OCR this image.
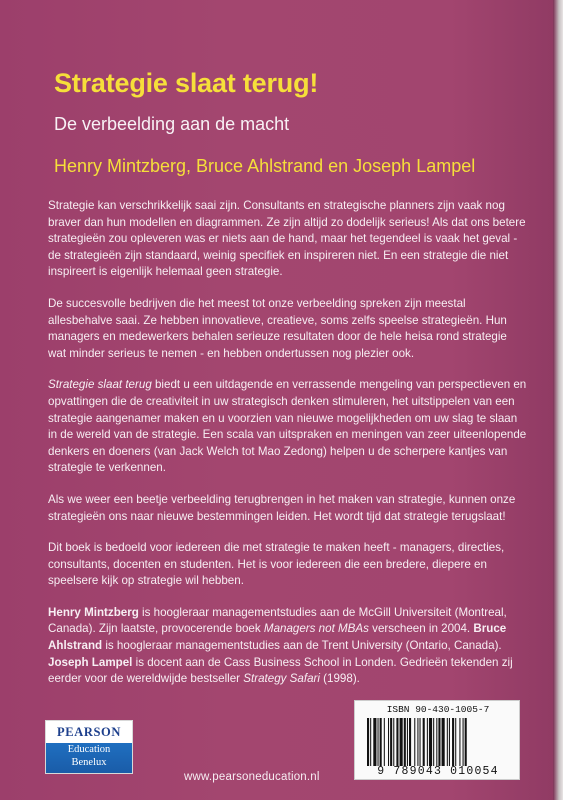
Strategie slaat terug!

De verbeelding aan de macht

Henry Mintzberg, Bruce Ahlstrand en Joseph Lampel

Strategie kan verschrikkelijk saai zijn. Consultants en strategische planners zijn vaak nog braver dan hun modellen en diagrammen. Ze zijn altijd zo dodelijk serieus! Als dat ons betere strategieën zou opleveren was er niets aan de hand, maar het tegendeel is vaak het geval - de strategieën zijn standaard, weinig specifiek en inspireren niet. En een strategie die niet inspireert is eigenlijk helemaal geen strategie.

De succesvolle bedrijven die het meest tot onze verbeelding spreken zijn meestal allesbehalve saai. Ze hebben innovatieve, creatieve, soms zelfs speelse strategieën. Hun managers en medewerkers behalen serieuze resultaten door de hele heisa rond strategie wat minder serieus te nemen - en hebben ondertussen nog plezier ook.

Strategie slaat terug biedt u een uitdagende en verrassende mengeling van perspectieven en opvattingen die de creativiteit in uw strategisch denken stimuleren, het uitstippelen van een strategie aangenamer maken en u voorzien van nieuwe mogelijkheden om uw slag te slaan in de wereld van de strategie. Een scala van uitspraken en meningen van zeer uiteenlopende denkers en doeners (van Jack Welch tot Mao Zedong) helpen u de scherpere kantjes van strategie te verkennen.

Als we weer een beetje verbeelding terugbrengen in het maken van strategie, kunnen onze strategieën ons naar nieuwe bestemmingen leiden. Het wordt tijd dat strategie terugslaat!

Dit boek is bedoeld voor iedereen die met strategie te maken heeft - managers, directies, consultants, docenten en studenten. Het is voor iedereen die een bredere, diepere en speelsere kijk op strategie wil hebben.

Henry Mintzberg is hoogleraar managementstudies aan de McGill Universiteit (Montreal, Canada). Zijn laatste, provocerende boek Managers not MBAs verscheen in 2004. Bruce Ahlstrand is hoogleraar managementstudies aan de Trent University (Ontario, Canada). Joseph Lampel is docent aan de Cass Business School in Londen. Gedrieën tekenden zij eerder voor de wereldwijde bestseller Strategy Safari (1998).

PEARSON
Education
Benelux

www.pearsoneducation.nl

ISBN 90-430-1005-7
9 789043 010054
